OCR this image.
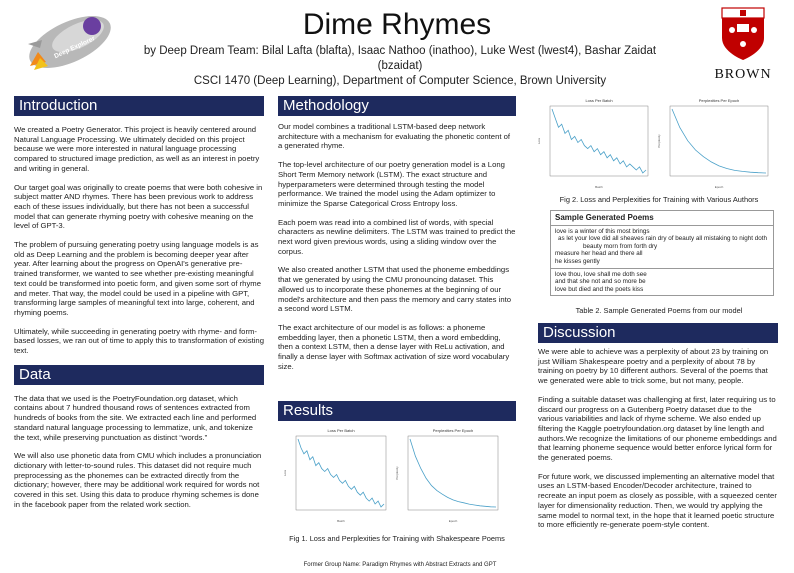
Deep Explorer
BROWN
Dime Rhymes
by Deep Dream Team: Bilal Lafta (blafta), Isaac Nathoo (inathoo), Luke West (lwest4), Bashar Zaidat (bzaidat)
CSCI 1470 (Deep Learning), Department of Computer Science, Brown University
Introduction

We created a Poetry Generator. This project is heavily centered around Natural Language Processing. We ultimately decided on this project because we were more interested in natural language processing compared to structured image prediction, as well as an interest in poetry and writing in general.

Our target goal was originally to create poems that were both cohesive in subject matter AND rhymes. There has been previous work to address each of these issues individually, but there has not been a successful model that can generate rhyming poetry with cohesive meaning on the level of GPT-3.

The problem of pursuing generating poetry using language models is as old as Deep Learning and the problem is becoming deeper year after year. After learning about the progress on OpenAI's generative pre-trained transformer, we wanted to see whether pre-existing meaningful text could be transformed into poetic form, and given some sort of rhyme and meter. That way, the model could be used in a pipeline with GPT, transforming large samples of meaningful text into large, coherent, and rhyming poems.

Ultimately, while succeeding in generating poetry with rhyme- and form- based losses, we ran out of time to apply this to transformation of existing text.

Data

The data that we used is the PoetryFoundation.org dataset, which contains about 7 hundred thousand rows of sentences extracted from hundreds of books from the site. We extracted each line and performed standard natural language processing to lemmatize, unk, and tokenize the text, while preserving punctuation as distinct “words.”

We will also use phonetic data from CMU which includes a pronunciation dictionary with letter-to-sound rules. This dataset did not require much preprocessing as the phonemes can be extracted directly from the dictionary; however, there may be additional work required for words not covered in this set. Using this data to produce rhyming schemes is done in the facebook paper from the related work section.

Methodology

Our model combines a traditional LSTM-based deep network architecture with a mechanism for evaluating the phonetic content of a generated rhyme.

The top-level architecture of our poetry generation model is a Long Short Term Memory network (LSTM). The exact structure and hyperparameters were determined through testing the model performance. We trained the model using the Adam optimizer to minimize the Sparse Categorical Cross Entropy loss.

Each poem was read into a combined list of words, with special characters as newline delimiters. The LSTM was trained to predict the next word given previous words, using a sliding window over the corpus.

We also created another LSTM that used the phoneme embeddings that we generated by using the CMU pronouncing dataset. This allowed us to incorporate these phonemes at the beginning of our model's architecture and then pass the memory and carry states into a second word LSTM.

The exact architecture of our model is as follows: a phoneme embedding layer, then a phonetic LSTM, then a word embedding, then a context LSTM, then a dense layer with ReLu activation, and finally a dense layer with Softmax activation of size word vocabulary size.

Results
Loss Per Batch
Batch
Loss
Perplexities Per Epoch
Epoch
Perplexity
Fig 1. Loss and Perplexities for Training with Shakespeare Poems
Loss Per Batch
Batch
Loss
Perplexities Per Epoch
Epoch
Perplexity
Fig 2. Loss and Perplexities for Training with Various Authors
Sample Generated Poems
love is a winter of this most brings
as let your love did all sheaves rain dry of beauty all mistaking to night doth
beauty morn from forth dry
measure her head and there all
he kisses gently
love thou, love shall me doth see
and that she not and so more be
love but died and the poets kiss
Table 2. Sample Generated Poems from our model
Discussion

We were able to achieve was a perplexity of about 23 by training on just William Shakespeare poetry and a perplexity of about 78 by training on poetry by 10 different authors. Several of the poems that we generated were able to trick some, but not many, people.

Finding a suitable dataset was challenging at first, later requiring us to discard our progress on a Gutenberg Poetry dataset due to the various variabilities and lack of rhyme scheme. We also ended up filtering the Kaggle poetryfoundation.org dataset by line length and authors.We recognize the limitations of our phoneme embeddings and that learning phoneme sequence would better enforce lyrical form for the generated poems.

For future work, we discussed implementing an alternative model that uses an LSTM-based Encoder/Decoder architecture, trained to recreate an input poem as closely as possible, with a squeezed center layer for dimensionality reduction. Then, we would try applying the same model to normal text, in the hope that it learned poetic structure to more efficiently re-generate poem-style content.

Former Group Name: Paradigm Rhymes with Abstract Extracts and GPT
